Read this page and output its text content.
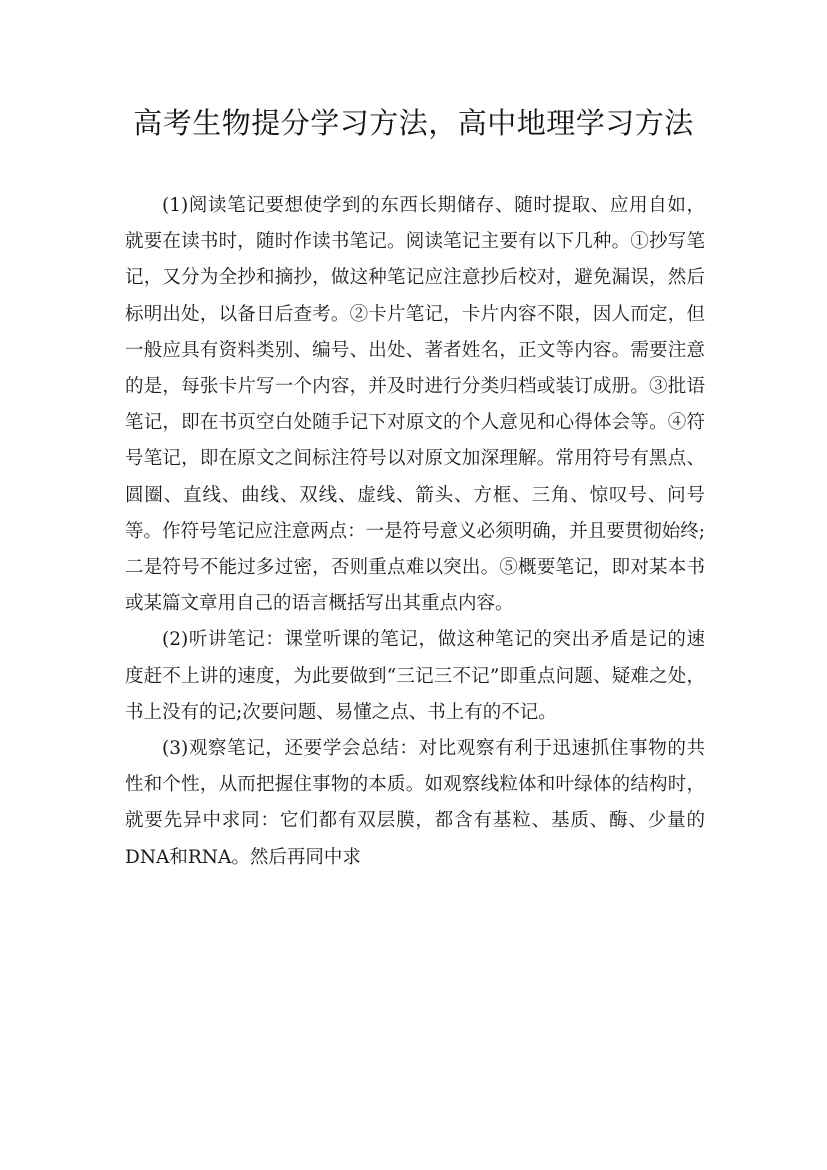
高考生物提分学习方法，高中地理学习方法

(1)阅读笔记要想使学到的东西长期储存、随时提取、应用自如，就要在读书时，随时作读书笔记。阅读笔记主要有以下几种。①抄写笔记，又分为全抄和摘抄，做这种笔记应注意抄后校对，避免漏误，然后标明出处，以备日后查考。②卡片笔记，卡片内容不限，因人而定，但一般应具有资料类别、编号、出处、著者姓名，正文等内容。需要注意的是，每张卡片写一个内容，并及时进行分类归档或装订成册。③批语笔记，即在书页空白处随手记下对原文的个人意见和心得体会等。④符号笔记，即在原文之间标注符号以对原文加深理解。常用符号有黑点、圆圈、直线、曲线、双线、虚线、箭头、方框、三角、惊叹号、问号等。作符号笔记应注意两点：一是符号意义必须明确，并且要贯彻始终;二是符号不能过多过密，否则重点难以突出。⑤概要笔记，即对某本书或某篇文章用自己的语言概括写出其重点内容。

(2)听讲笔记：课堂听课的笔记，做这种笔记的突出矛盾是记的速度赶不上讲的速度，为此要做到“三记三不记”即重点问题、疑难之处，书上没有的记;次要问题、易懂之点、书上有的不记。

(3)观察笔记，还要学会总结：对比观察有利于迅速抓住事物的共性和个性，从而把握住事物的本质。如观察线粒体和叶绿体的结构时，就要先异中求同：它们都有双层膜，都含有基粒、基质、酶、少量的DNA和RNA。然后再同中求
